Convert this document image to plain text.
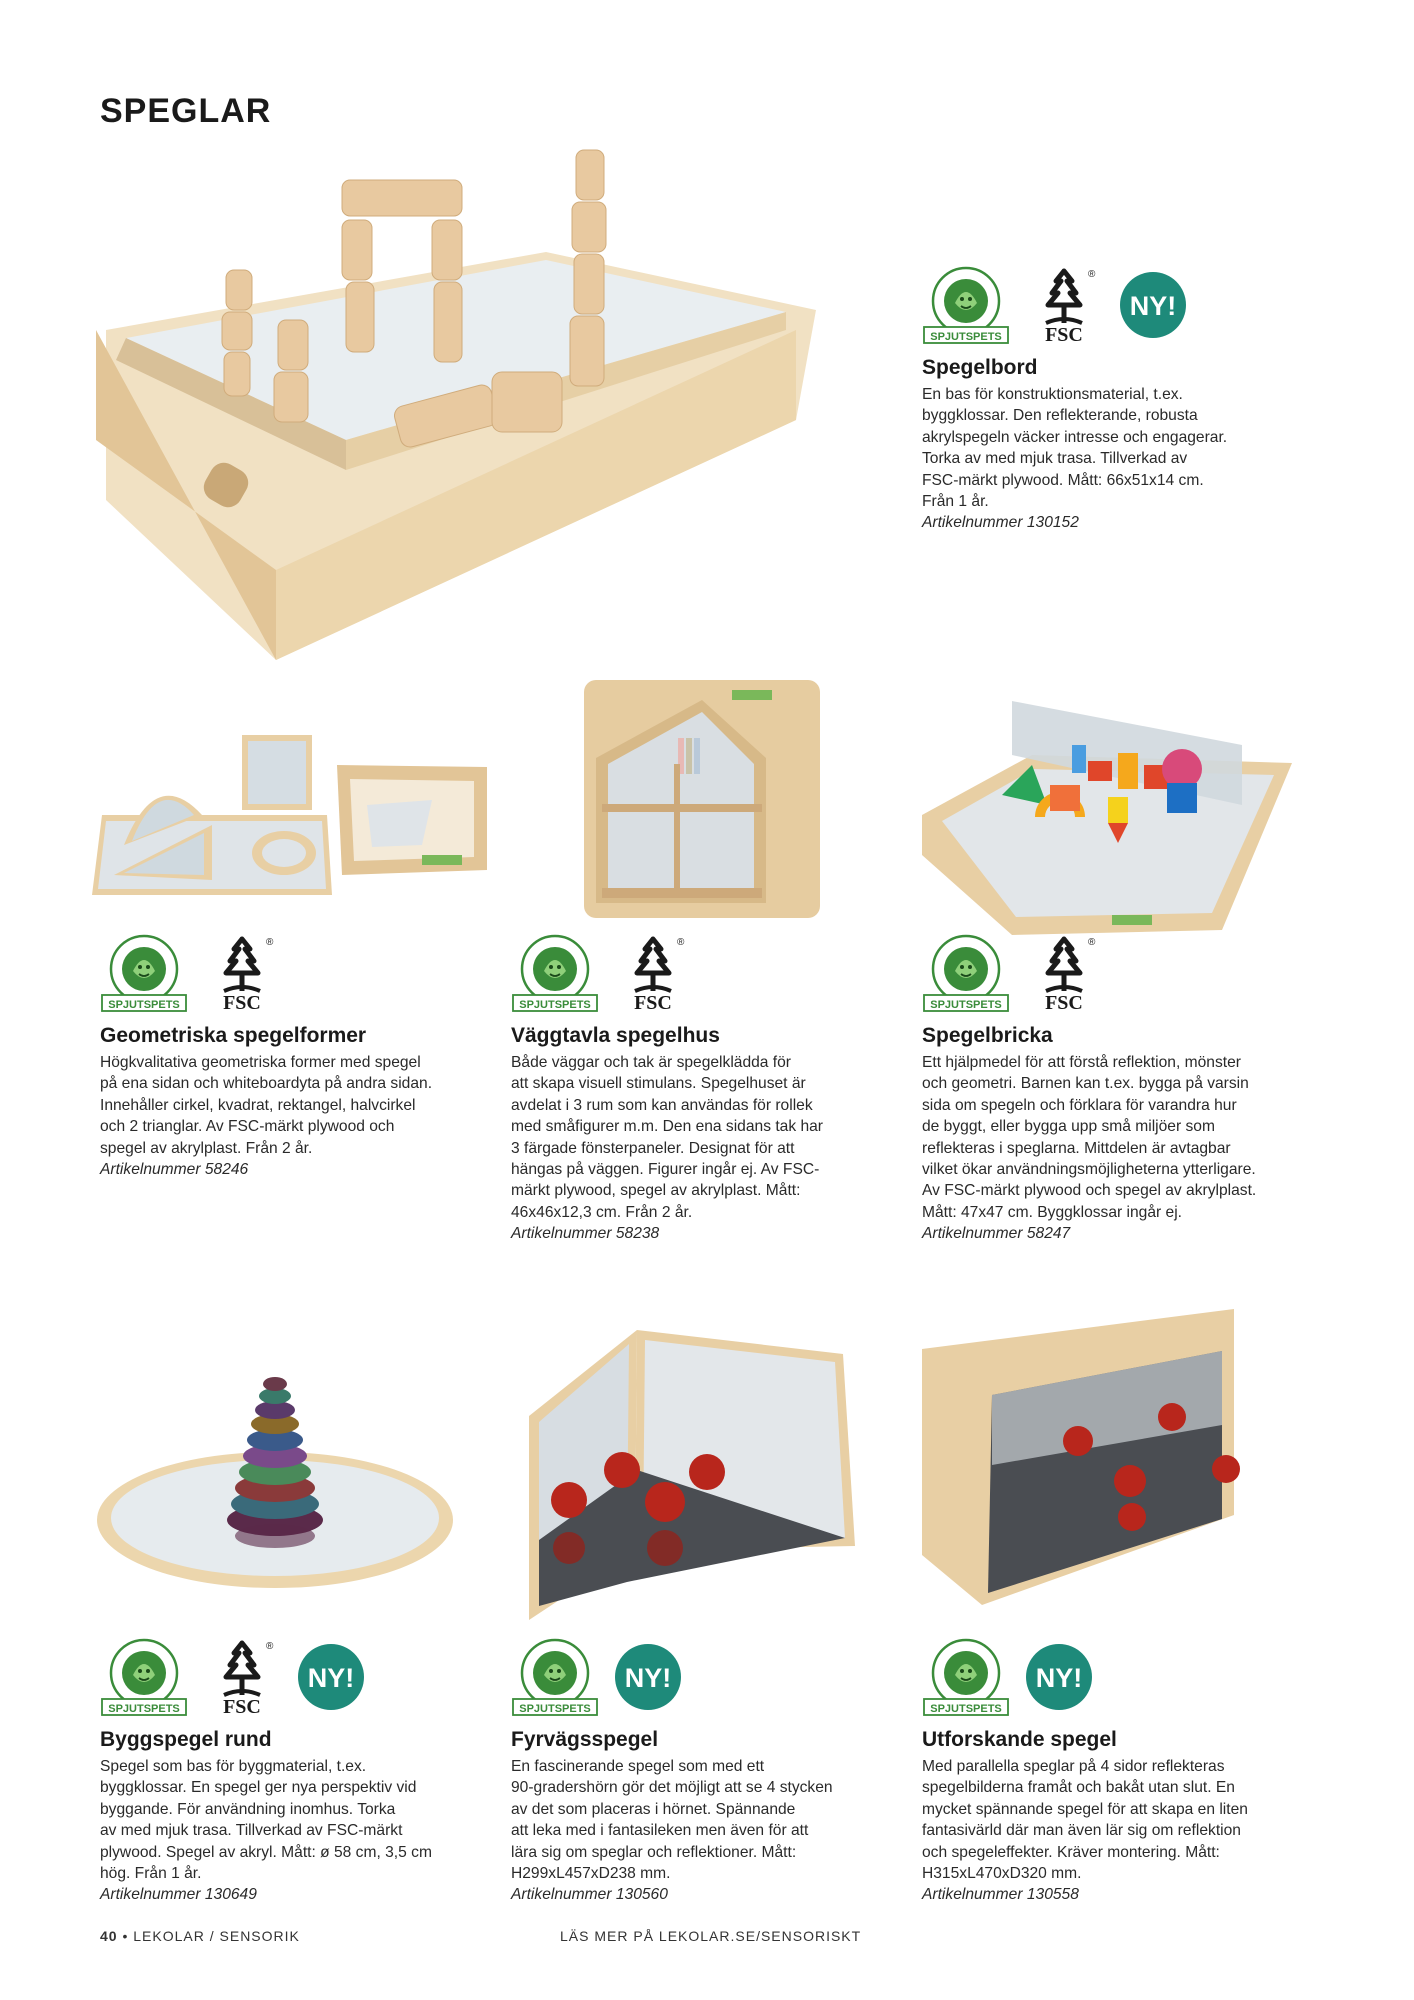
SPEGLAR
SPJUTSPETS
®
FSC
NY!
Spegelbord

En bas för konstruktionsmaterial, t.ex.
byggklossar. Den reflekterande, robusta
akrylspegeln väcker intresse och engagerar.
Torka av med mjuk trasa. Tillverkad av
FSC-märkt plywood. Mått: 66x51x14 cm.
Från 1 år.

Artikelnummer 130152

SPJUTSPETS
®
FSC
Geometriska spegelformer

Högkvalitativa geometriska former med spegel
på ena sidan och whiteboardyta på andra sidan.
Innehåller cirkel, kvadrat, rektangel, halvcirkel
och 2 trianglar. Av FSC-märkt plywood och
spegel av akrylplast. Från 2 år.

Artikelnummer 58246

SPJUTSPETS
®
FSC
Väggtavla spegelhus

Både väggar och tak är spegelklädda för
att skapa visuell stimulans. Spegelhuset är
avdelat i 3 rum som kan användas för rollek
med småfigurer m.m. Den ena sidans tak har
3 färgade fönsterpaneler. Designat för att
hängas på väggen. Figurer ingår ej. Av FSC-
märkt plywood, spegel av akrylplast. Mått:
46x46x12,3 cm. Från 2 år.

Artikelnummer 58238

SPJUTSPETS
®
FSC
Spegelbricka

Ett hjälpmedel för att förstå reflektion, mönster
och geometri. Barnen kan t.ex. bygga på varsin
sida om spegeln och förklara för varandra hur
de byggt, eller bygga upp små miljöer som
reflekteras i speglarna. Mittdelen är avtagbar
vilket ökar användningsmöjligheterna ytterligare.
Av FSC-märkt plywood och spegel av akrylplast.
Mått: 47x47 cm. Byggklossar ingår ej.

Artikelnummer 58247

SPJUTSPETS
®
FSC
NY!
Byggspegel rund

Spegel som bas för byggmaterial, t.ex.
byggklossar. En spegel ger nya perspektiv vid
byggande. För användning inomhus. Torka
av med mjuk trasa. Tillverkad av FSC-märkt
plywood. Spegel av akryl. Mått: ø 58 cm, 3,5 cm
hög. Från 1 år.

Artikelnummer 130649

SPJUTSPETS
NY!
Fyrvägsspegel

En fascinerande spegel som med ett
90-gradershörn gör det möjligt att se 4 stycken
av det som placeras i hörnet. Spännande
att leka med i fantasileken men även för att
lära sig om speglar och reflektioner. Mått:
H299xL457xD238 mm.

Artikelnummer 130560

SPJUTSPETS
NY!
Utforskande spegel

Med parallella speglar på 4 sidor reflekteras
spegelbilderna framåt och bakåt utan slut. En
mycket spännande spegel för att skapa en liten
fantasivärld där man även lär sig om reflektion
och spegeleffekter. Kräver montering. Mått:
H315xL470xD320 mm.

Artikelnummer 130558

40 • LEKOLAR / SENSORIK	LÄS MER PÅ LEKOLAR.SE/SENSORISKT
